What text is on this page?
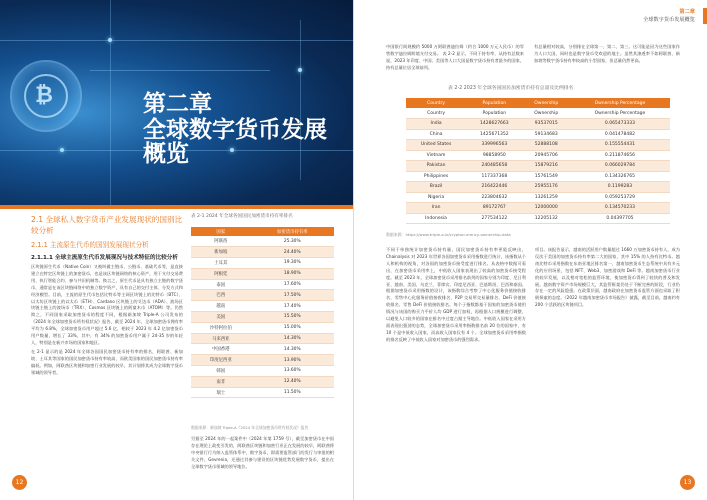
₿	第二章
全球数字货币发展
概览
2.1 全球私人数字货币产业发展现状的国别比较分析
2.1.1 主流原生代币的国别发展现状分析
2.1.1.1 全球主流原生代币发展现况与技术特征的比较分析

区块链原生代币（Native Coin）又被叫做主链币、公链币、基础代币等，是直接建立在特定区块链上的加密货币，也是该区块链网络的核心资产，用于支付交易费用、执行智能合约、参与共识机制等。换言之，原生代币是具有独立主链的数字货币，通常是在该区块链网络中的独立数字资产，具有自己的交付主体、分发方式和经济模型。目前，主流的原生代币包括比特币等主网区块链上的比特币（BTC）、以太坊区块链上的以太币（ETH）、Cardano 区块链上的艾达币（ADA）、波场区块链主链上的波场币（TRX）、Cosmos 区块链上的阿童木币（ATOM）等。仍然简之，不同国家采取加密货币的程度不同，根据新加坡 Triple-A 公司发布的《2024 年全球加密货币所有权状况》报告，截至 2024 年，全球加密货币拥有率平均为 6.8%，全球加密货币用户超过 5.6 亿，相较于 2023 年 4.2 亿加密货币用户数量，增长了 33%，其中，有 34% 的加密货币用户属于 24-35 岁的年轻人，特别是在新兴市场的国家和地区。

在 2-1 显示的是 2024 年全球各国国民加密货币持有率的排名，阿联酋、新加坡、土耳其等国家的国民加密货币持有率较高，而欧美国家的国民加密货币持有率偏低。例如，阿联酋区块链和加密行业发展的较早，其计划将其成为全球数字货币领域的领导者。

表 2-1 2024 年全球各国国民加密货币持有率排名
国家	加密货币持有率
阿联酋	25.30%
新加坡	24.40%
土耳其	19.30%
阿根廷	18.90%
泰国	17.60%
巴西	17.50%
越南	17.40%
美国	15.50%
沙特阿拉伯	15.00%
马来西亚	14.30%
中国香港	14.30%
印度尼西亚	13.90%
韩国	13.60%
南非	12.40%
瑞士	11.50%
数据来源：新加坡 Triple-A《2024 年全球加密货币所有权状况》报告

另据至 2024 年的一起案件中（2024 年第 1759 号），截至加密货币在中国存在理论上政变引发的，阿联酋区块链和加密行业正在发展的较早，阿联酋将中央银行行为纳入监管体系中，数字货币，即需要监管部门的发行与审批的相关文件。Gevrenia，还通过其参与建设的区块链优势发展数字货币，提出在全球数字货币领域的领导地位。

12
第二章
全球数字货币发展概览

中国银行间规模约 5000 万阿联酋迪拉姆（约合 1000 万元人民币）的零售数字迪拉姆跨境支付交易。 表 2-2 显示，不同于持有率，从持有总数来说，2023 年印度、中国、美国等人口大国是数字货币持有者最多的国家，持有总量位居全球前列。

有总量相对较高，分别排在全球第一、第二、第三。这可能是因为这些国家作为人口大国，同时也是数字货币受欢迎的地主。虽然其渗透率不如阿联酋、新加坡等数字货币持有率较高的小型国家，但总量仍然更高。

表 2-2 2023 年全球各国国民加密货币持有总量及比例排名
Country	Population	Ownership	Ownership Percentage
Country	Population	Ownership	Ownership Percentage
India	1428627663	93537015	0.065473333
China	1425671352	59134683	0.041478482
United States	339996563	52888108	0.155554431
Vietnam	98858950	20945706	0.211874656
Pakistan	240485658	15879216	0.066029784
Philippines	117337368	15761549	0.134326765
Brazil	216422446	25955176	0.1199283
Nigeria	223804632	13261259	0.059253729
Iran	89172767	12000000	0.134570233
Indonesia	277534122	12205132	0.04397705
数据来源：https://www.triple-a.io/cryptocurrency-ownership-data

不同于单独统计加密货币持有量，国民加密货币持有率更能反映出，Chainalysis 对 2023 年世界各国加密货币采用指数进行统计，该指数从个人和机构的视角，对各国的加密货币接受度进行排名。从表格中数据可看出，在加密货币采用率上，中低收入国家表现出了较高的加密货币接受程度。截至 2023 年，全球加密货币采用排名前列的国家分别为印度、尼日利亚、越南、美国、乌克兰、菲律宾、印度尼西亚、巴基斯坦、巴西和泰国。根据加密货币采用指数的设计，该指数综合考察了中心化服务价值接收排名、零售中心化服务价值接收排名、P2P 交易所交易量排名、DeFi 价值接收排名、零售 DeFi 价值接收排名。每个子指数都基于国家的加密货币使用情况与该国的购买力平价人均 GDP 进行加权，再根据人口规模进行调整，以避免人口较多的国家在排名中过度占据主导地位。中低收入国家在采用方面表现出强劲的态势，全球加密货币采用率指数排名前 20 位的国家中，有 10 个是中低收入国家，而高收入国家仅有 4 个。全球加密货币采用率指数的排名反映了中低收入国家对加密货币的强烈需求。

项目。该报告显示，越南的活跃用户数量超过 1660 万加密货币持有人，成为仅次于美国的加密货币持有率第二大的国家，其中 15% 的人持有比特币。越南比特币采用指数在东南亚地区排名第一，越南加密货币生态系统中具有多元化的应用场景，包括 NFT、Web3、加密游戏和 DeFi 等。越南加密货币行业的较早发展，以及相对宽松的监管环境，使加密货币得到了较快的普及和发展。越南数字资产市场规模巨大，其监管框架仍处于不断完善的阶段，行业仍存在一定的风险隐患。在政策层面，越南政府在加密货币监管方面也采取了积极探索的态度。《2022 年越南加密货币市场报告》披露，截至目前，越南约有 200 个活跃的区块链项目。

13
